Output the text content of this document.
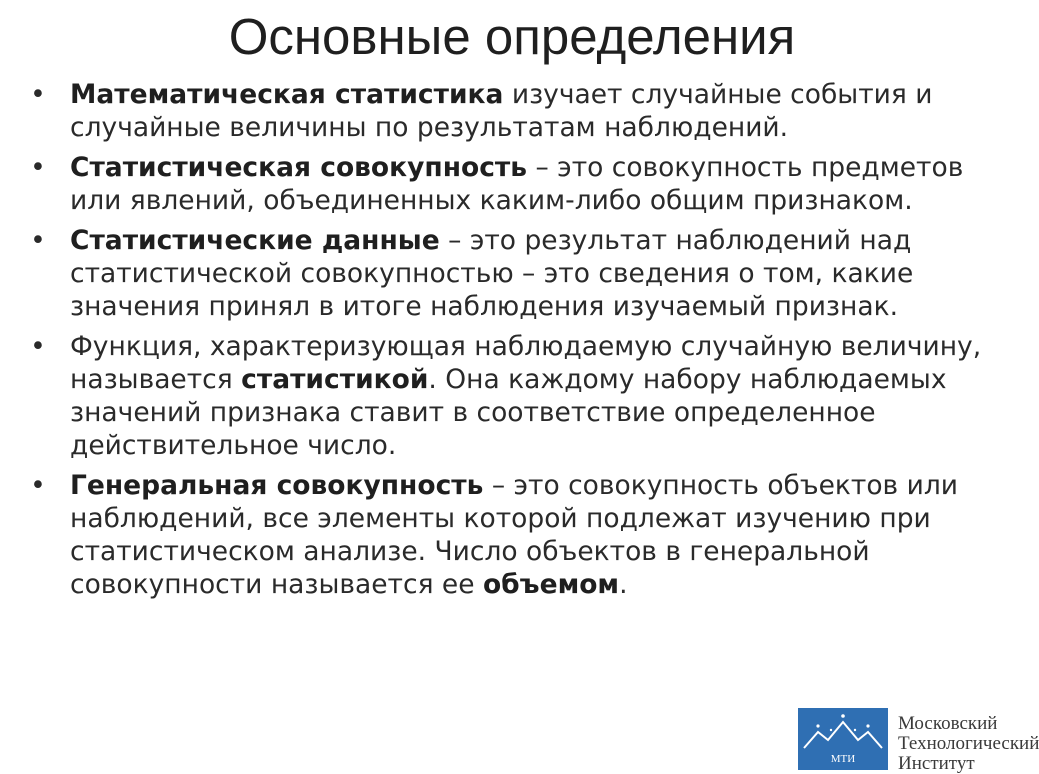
Основные определения
• Математическая статистика изучает случайные события и случайные величины по результатам наблюдений.
• Статистическая совокупность – это совокупность предметов или явлений, объединенных каким-либо общим признаком.
• Статистические данные – это результат наблюдений над статистической совокупностью – это сведения о том, какие значения принял в итоге наблюдения изучаемый признак.
• Функция, характеризующая наблюдаемую случайную величину, называется статистикой. Она каждому набору наблюдаемых значений признака ставит в соответствие определенное действительное число.
• Генеральная совокупность – это совокупность объектов или наблюдений, все элементы которой подлежат изучению при статистическом анализе. Число объектов в генеральной совокупности называется ее объемом.
МТИ
Московский
Технологический
Институт
